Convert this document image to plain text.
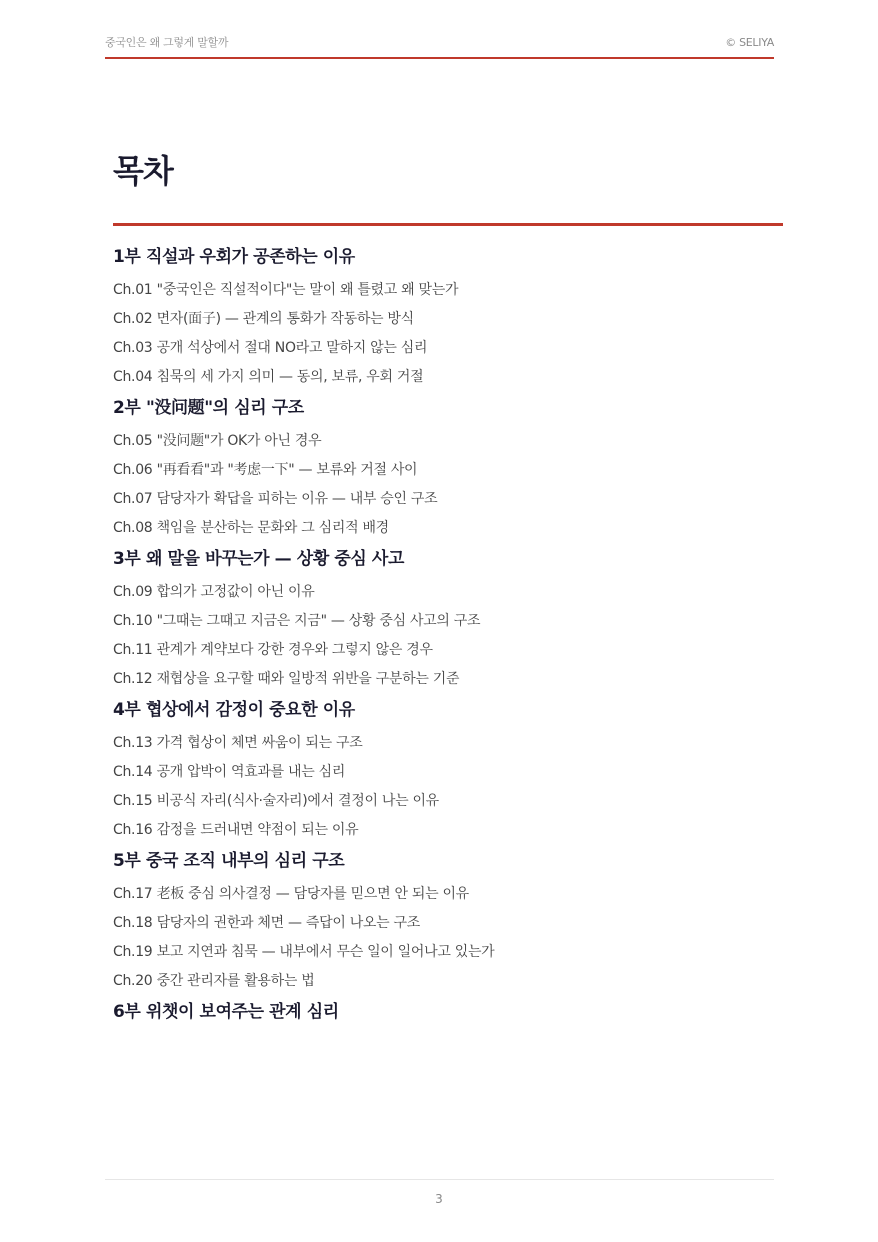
중국인은 왜 그렇게 말할까	© SELIYA
목차
1부 직설과 우회가 공존하는 이유
Ch.01 "중국인은 직설적이다"는 말이 왜 틀렸고 왜 맞는가
Ch.02 면자(面子) — 관계의 통화가 작동하는 방식
Ch.03 공개 석상에서 절대 NO라고 말하지 않는 심리
Ch.04 침묵의 세 가지 의미 — 동의, 보류, 우회 거절
2부 "没问题"의 심리 구조
Ch.05 "没问题"가 OK가 아닌 경우
Ch.06 "再看看"과 "考虑一下" — 보류와 거절 사이
Ch.07 담당자가 확답을 피하는 이유 — 내부 승인 구조
Ch.08 책임을 분산하는 문화와 그 심리적 배경
3부 왜 말을 바꾸는가 — 상황 중심 사고
Ch.09 합의가 고정값이 아닌 이유
Ch.10 "그때는 그때고 지금은 지금" — 상황 중심 사고의 구조
Ch.11 관계가 계약보다 강한 경우와 그렇지 않은 경우
Ch.12 재협상을 요구할 때와 일방적 위반을 구분하는 기준
4부 협상에서 감정이 중요한 이유
Ch.13 가격 협상이 체면 싸움이 되는 구조
Ch.14 공개 압박이 역효과를 내는 심리
Ch.15 비공식 자리(식사·술자리)에서 결정이 나는 이유
Ch.16 감정을 드러내면 약점이 되는 이유
5부 중국 조직 내부의 심리 구조
Ch.17 老板 중심 의사결정 — 담당자를 믿으면 안 되는 이유
Ch.18 담당자의 권한과 체면 — 즉답이 나오는 구조
Ch.19 보고 지연과 침묵 — 내부에서 무슨 일이 일어나고 있는가
Ch.20 중간 관리자를 활용하는 법
6부 위챗이 보여주는 관계 심리
3
